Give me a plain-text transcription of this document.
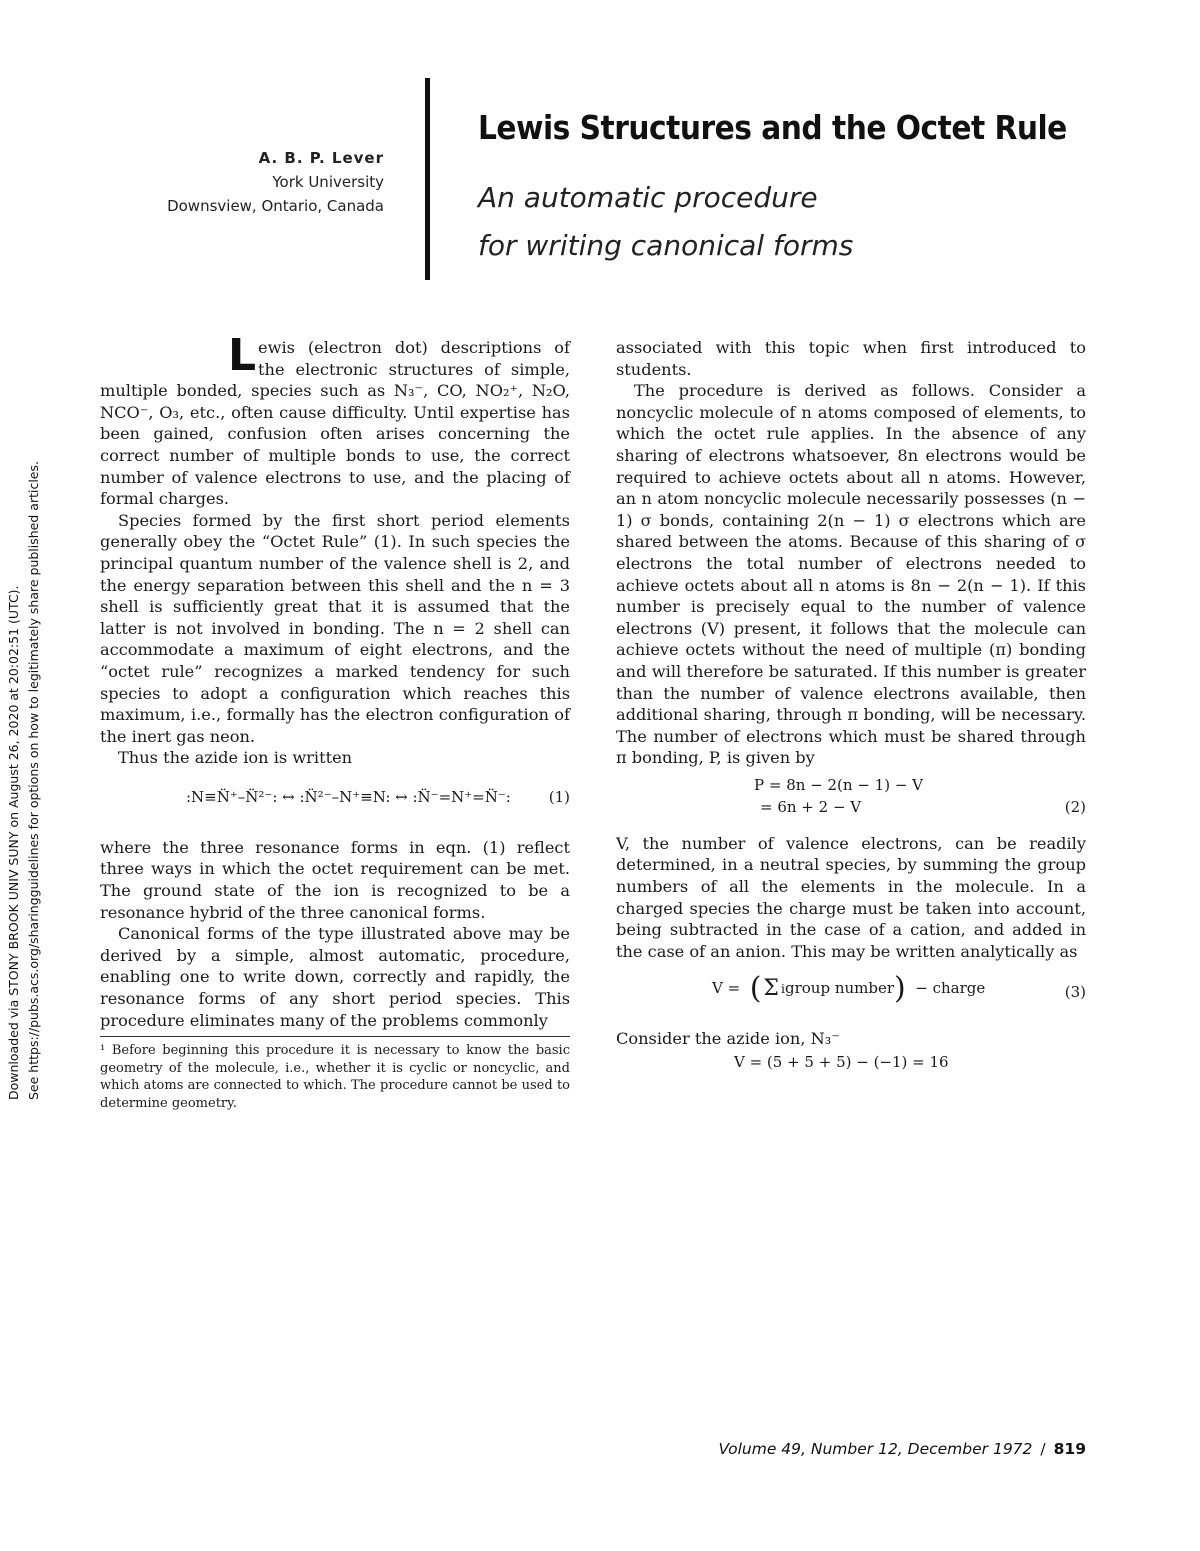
Downloaded via STONY BROOK UNIV SUNY on August 26, 2020 at 20:02:51 (UTC). See https://pubs.acs.org/sharingguidelines for options on how to legitimately share published articles.
A. B. P. Lever
York University
Downsview, Ontario, Canada
Lewis Structures and the Octet Rule
An automatic procedure
for writing canonical forms

Lewis (electron dot) descriptions of the electronic structures of simple, multiple bonded, species such as N₃⁻, CO, NO₂⁺, N₂O, NCO⁻, O₃, etc., often cause difficulty. Until expertise has been gained, confusion often arises concerning the correct number of multiple bonds to use, the correct number of valence electrons to use, and the placing of formal charges.

Species formed by the first short period elements generally obey the “Octet Rule” (1). In such species the principal quantum number of the valence shell is 2, and the energy separation between this shell and the n = 3 shell is sufficiently great that it is assumed that the latter is not involved in bonding. The n = 2 shell can accommodate a maximum of eight electrons, and the “octet rule” recognizes a marked tendency for such species to adopt a configuration which reaches this maximum, i.e., formally has the electron configuration of the inert gas neon.

Thus the azide ion is written

:N≡N̈⁺–N̈²⁻: ↔ :N̈²⁻–N⁺≡N: ↔ :N̈⁻=N⁺=N̈⁻:	(1)

where the three resonance forms in eqn. (1) reflect three ways in which the octet requirement can be met. The ground state of the ion is recognized to be a resonance hybrid of the three canonical forms.

Canonical forms of the type illustrated above may be derived by a simple, almost automatic, procedure, enabling one to write down, correctly and rapidly, the resonance forms of any short period species. This procedure eliminates many of the problems commonly

¹ Before beginning this procedure it is necessary to know the basic geometry of the molecule, i.e., whether it is cyclic or noncyclic, and which atoms are connected to which. The procedure cannot be used to determine geometry.

associated with this topic when first introduced to students.

The procedure is derived as follows. Consider a noncyclic molecule of n atoms composed of elements, to which the octet rule applies. In the absence of any sharing of electrons whatsoever, 8n electrons would be required to achieve octets about all n atoms. However, an n atom noncyclic molecule necessarily possesses (n − 1) σ bonds, containing 2(n − 1) σ electrons which are shared between the atoms. Because of this sharing of σ electrons the total number of electrons needed to achieve octets about all n atoms is 8n − 2(n − 1). If this number is precisely equal to the number of valence electrons (V) present, it follows that the molecule can achieve octets without the need of multiple (π) bonding and will therefore be saturated. If this number is greater than the number of valence electrons available, then additional sharing, through π bonding, will be necessary. The number of electrons which must be shared through π bonding, P, is given by

P = 8n − 2(n − 1) − V
= 6n + 2 − V	(2)

V, the number of valence electrons, can be readily determined, in a neutral species, by summing the group numbers of all the elements in the molecule. In a charged species the charge must be taken into account, being subtracted in the case of a cation, and added in the case of an anion. This may be written analytically as

V = ( Σ i group number ) − charge	(3)

Consider the azide ion, N₃⁻

V = (5 + 5 + 5) − (−1) = 16
Volume 49, Number 12, December 1972 / 819
